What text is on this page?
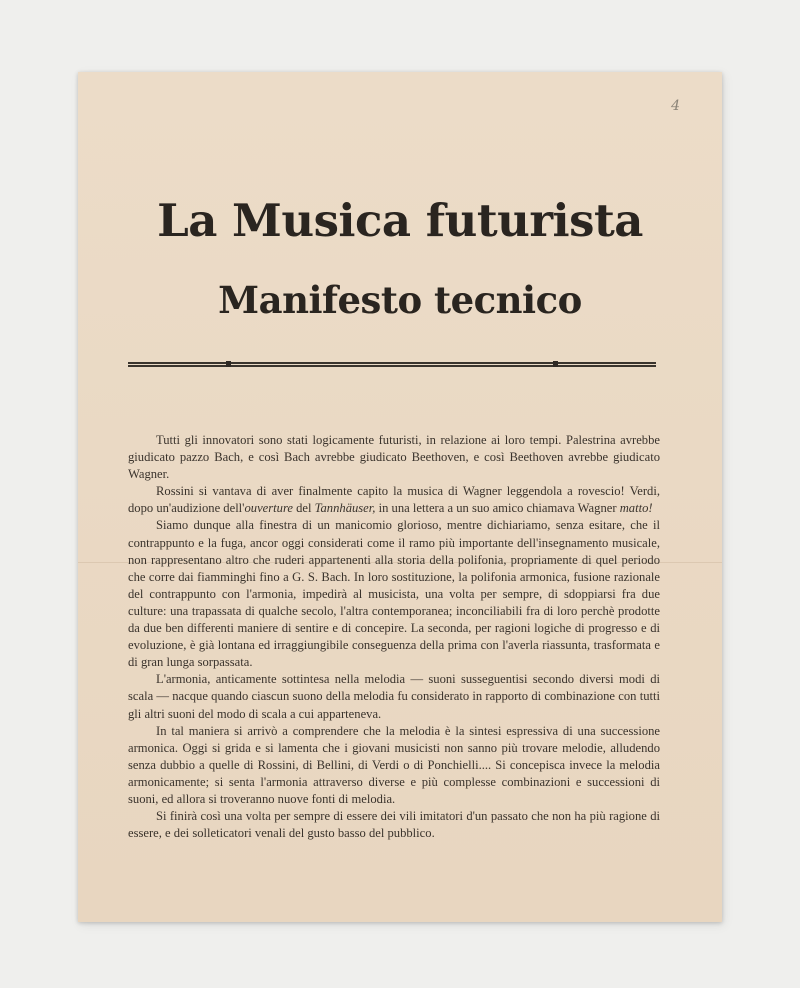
4
La Musica futurista
Manifesto tecnico

Tutti gli innovatori sono stati logicamente futuristi, in relazione ai loro tempi. Palestrina avrebbe giudicato pazzo Bach, e così Bach avrebbe giudicato Beethoven, e così Beethoven avrebbe giudicato Wagner.

Rossini si vantava di aver finalmente capito la musica di Wagner leggendola a rovescio! Verdi, dopo un'audizione dell'ouverture del Tannhäuser, in una lettera a un suo amico chiamava Wagner matto!

Siamo dunque alla finestra di un manicomio glorioso, mentre dichiariamo, senza esitare, che il contrappunto e la fuga, ancor oggi considerati come il ramo più importante dell'insegnamento musicale, non rappresentano altro che ruderi appartenenti alla storia della polifonia, propriamente di quel periodo che corre dai fiamminghi fino a G. S. Bach. In loro sostituzione, la polifonia armonica, fusione razionale del contrappunto con l'armonia, impedirà al musicista, una volta per sempre, di sdoppiarsi fra due culture: una trapassata di qualche secolo, l'altra contemporanea; inconciliabili fra di loro perchè prodotte da due ben differenti maniere di sentire e di concepire. La seconda, per ragioni logiche di progresso e di evoluzione, è già lontana ed irraggiungibile conseguenza della prima con l'averla riassunta, trasformata e di gran lunga sorpassata.

L'armonia, anticamente sottintesa nella melodia — suoni susseguentisi secondo diversi modi di scala — nacque quando ciascun suono della melodia fu considerato in rapporto di combinazione con tutti gli altri suoni del modo di scala a cui apparteneva.

In tal maniera si arrivò a comprendere che la melodia è la sintesi espressiva di una successione armonica. Oggi si grida e si lamenta che i giovani musicisti non sanno più trovare melodie, alludendo senza dubbio a quelle di Rossini, di Bellini, di Verdi o di Ponchielli.... Si concepisca invece la melodia armonicamente; si senta l'armonia attraverso diverse e più complesse combinazioni e successioni di suoni, ed allora si troveranno nuove fonti di melodia.

Si finirà così una volta per sempre di essere dei vili imitatori d'un passato che non ha più ragione di essere, e dei solleticatori venali del gusto basso del pubblico.
